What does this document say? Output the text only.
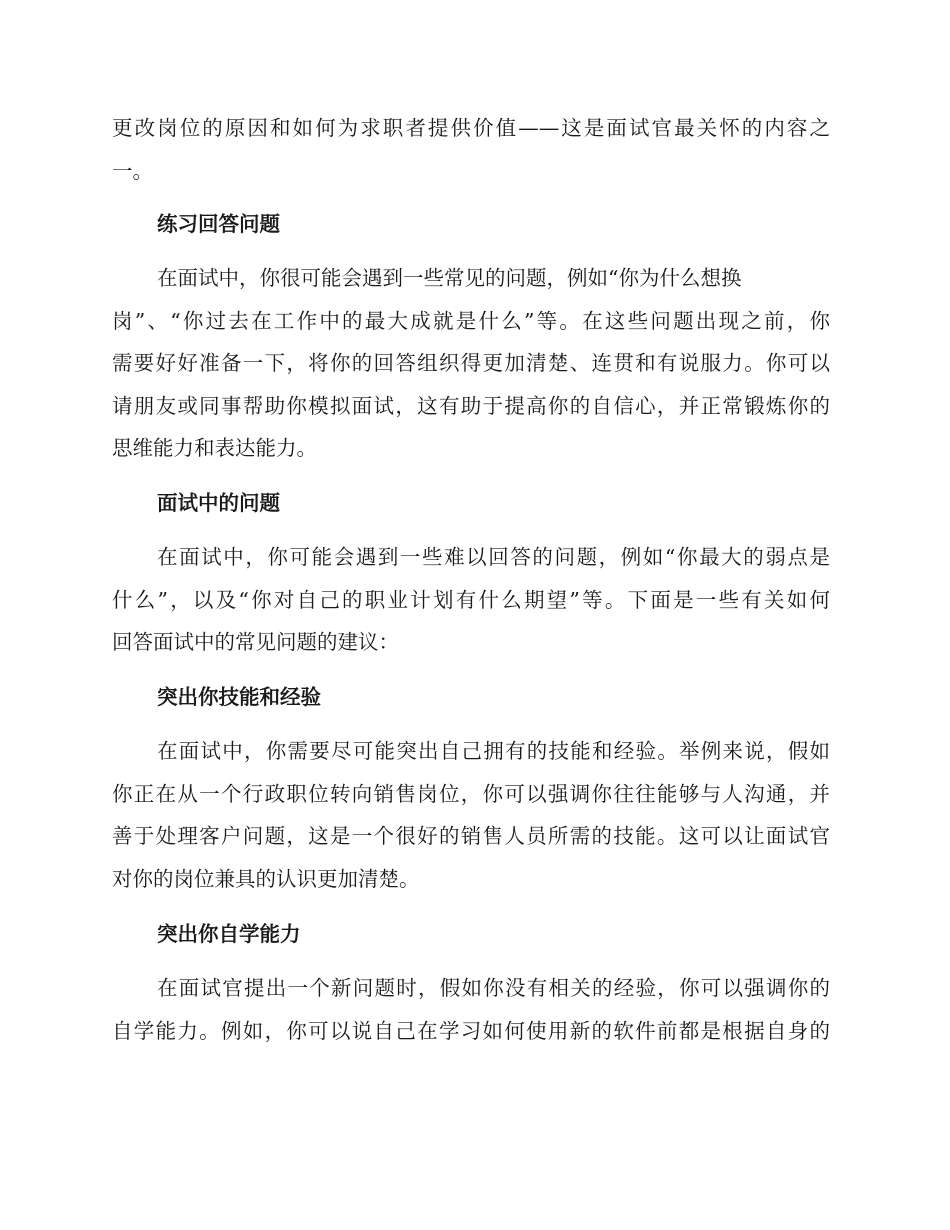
更改岗位的原因和如何为求职者提供价值——这是面试官最关怀的内容之
一。
练习回答问题
在面试中，你很可能会遇到一些常见的问题，例如“你为什么想换
岗”、“你过去在工作中的最大成就是什么”等。在这些问题出现之前，你
需要好好准备一下，将你的回答组织得更加清楚、连贯和有说服力。你可以
请朋友或同事帮助你模拟面试，这有助于提高你的自信心，并正常锻炼你的
思维能力和表达能力。
面试中的问题
在面试中，你可能会遇到一些难以回答的问题，例如“你最大的弱点是
什么”，以及“你对自己的职业计划有什么期望”等。下面是一些有关如何
回答面试中的常见问题的建议：
突出你技能和经验
在面试中，你需要尽可能突出自己拥有的技能和经验。举例来说，假如
你正在从一个行政职位转向销售岗位，你可以强调你往往能够与人沟通，并
善于处理客户问题，这是一个很好的销售人员所需的技能。这可以让面试官
对你的岗位兼具的认识更加清楚。
突出你自学能力
在面试官提出一个新问题时，假如你没有相关的经验，你可以强调你的
自学能力。例如，你可以说自己在学习如何使用新的软件前都是根据自身的
